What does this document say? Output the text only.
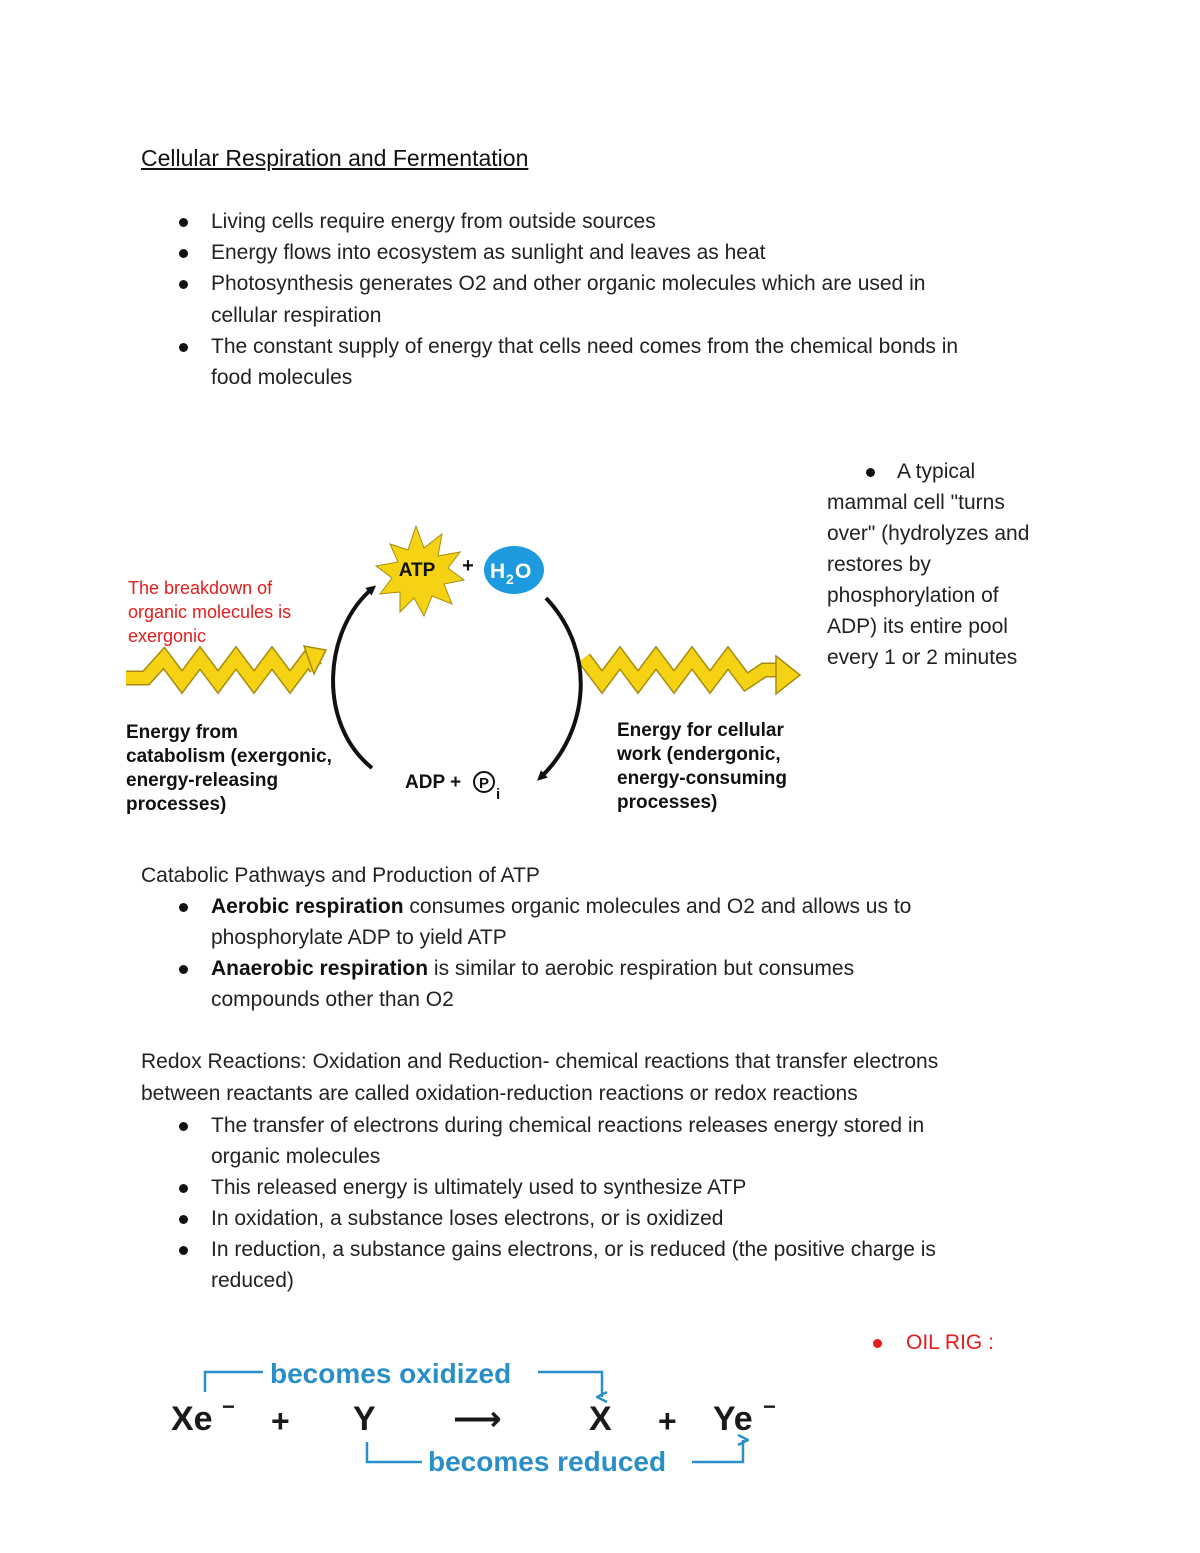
Cellular Respiration and Fermentation
Living cells require energy from outside sources
Energy flows into ecosystem as sunlight and leaves as heat
Photosynthesis generates O2 and other organic molecules which are used in
cellular respiration
The constant supply of energy that cells need comes from the chemical bonds in
food molecules
A typical
mammal cell "turns
over" (hydrolyzes and
restores by
phosphorylation of
ADP) its entire pool
every 1 or 2 minutes
The breakdown of
organic molecules is
exergonic
ATP + H 2 O
Energy from
catabolism (exergonic,
energy-releasing
processes)
ADP + P
i
Energy for cellular
work (endergonic,
energy-consuming
processes)
Catabolic Pathways and Production of ATP
Aerobic respiration consumes organic molecules and O2 and allows us to
phosphorylate ADP to yield ATP
Anaerobic respiration is similar to aerobic respiration but consumes
compounds other than O2
Redox Reactions: Oxidation and Reduction- chemical reactions that transfer electrons
between reactants are called oxidation-reduction reactions or redox reactions
The transfer of electrons during chemical reactions releases energy stored in
organic molecules
This released energy is ultimately used to synthesize ATP
In oxidation, a substance loses electrons, or is oxidized
In reduction, a substance gains electrons, or is reduced (the positive charge is
reduced)
OIL RIG :
becomes oxidized
Xe − + Y ⟶	X + Ye −
becomes reduced
